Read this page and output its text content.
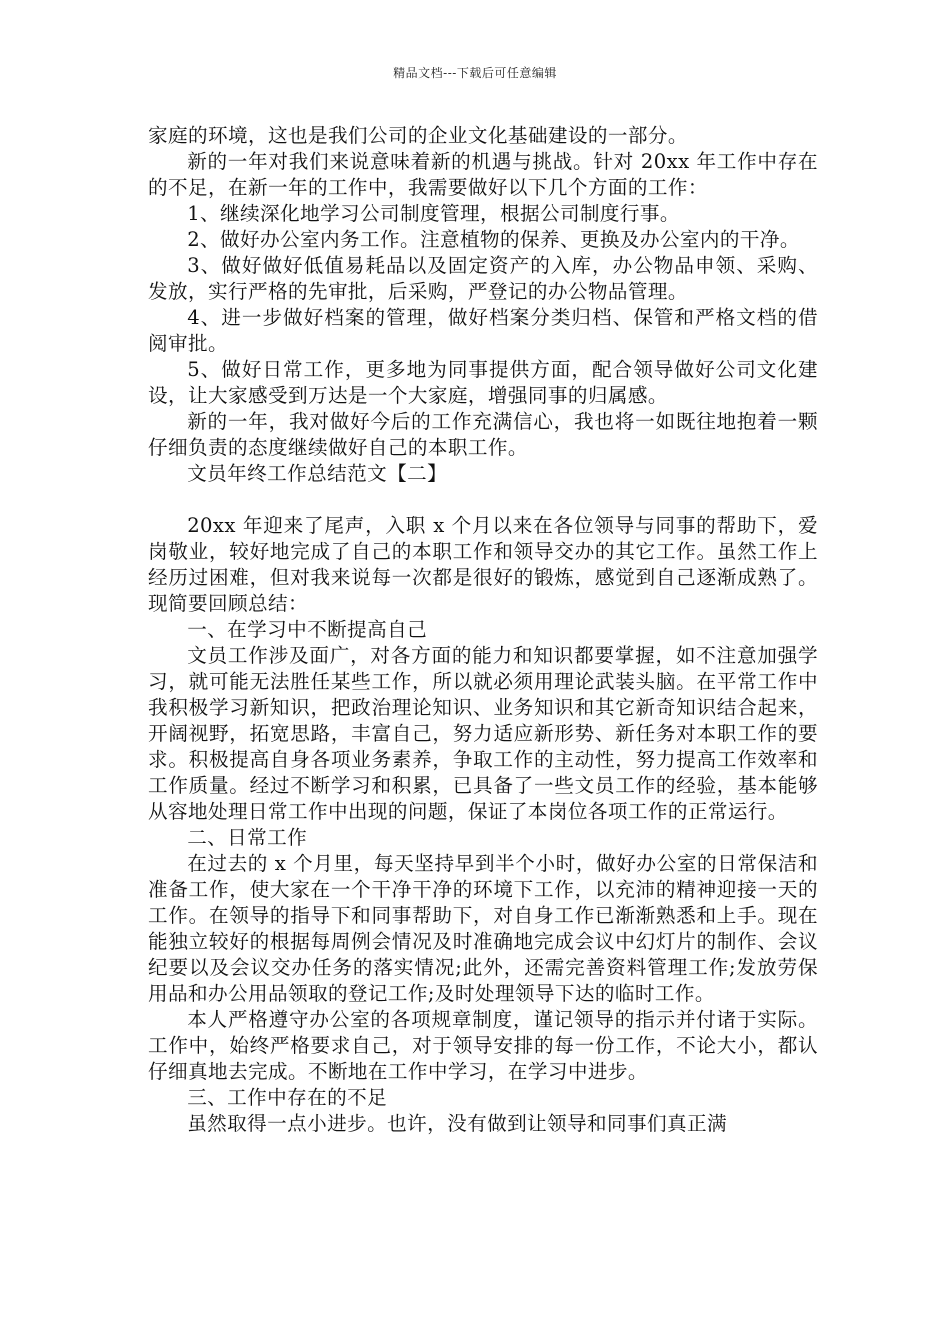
精品文档---下载后可任意编辑

家庭的环境，这也是我们公司的企业文化基础建设的一部分。

新的一年对我们来说意味着新的机遇与挑战。针对 20xx 年工作中存在的不足，在新一年的工作中，我需要做好以下几个方面的工作：

1、继续深化地学习公司制度管理，根据公司制度行事。

2、做好办公室内务工作。注意植物的保养、更换及办公室内的干净。

3、做好做好低值易耗品以及固定资产的入库，办公物品申领、采购、发放，实行严格的先审批，后采购，严登记的办公物品管理。

4、进一步做好档案的管理，做好档案分类归档、保管和严格文档的借阅审批。

5、做好日常工作，更多地为同事提供方面，配合领导做好公司文化建设，让大家感受到万达是一个大家庭，增强同事的归属感。

新的一年，我对做好今后的工作充满信心，我也将一如既往地抱着一颗仔细负责的态度继续做好自己的本职工作。

文员年终工作总结范文【二】

20xx 年迎来了尾声，入职 x 个月以来在各位领导与同事的帮助下，爱岗敬业，较好地完成了自己的本职工作和领导交办的其它工作。虽然工作上经历过困难，但对我来说每一次都是很好的锻炼，感觉到自己逐渐成熟了。现简要回顾总结：

一、在学习中不断提高自己

文员工作涉及面广，对各方面的能力和知识都要掌握，如不注意加强学习，就可能无法胜任某些工作，所以就必须用理论武装头脑。在平常工作中我积极学习新知识，把政治理论知识、业务知识和其它新奇知识结合起来，开阔视野，拓宽思路，丰富自己，努力适应新形势、新任务对本职工作的要求。积极提高自身各项业务素养，争取工作的主动性，努力提高工作效率和工作质量。经过不断学习和积累，已具备了一些文员工作的经验，基本能够从容地处理日常工作中出现的问题，保证了本岗位各项工作的正常运行。

二、日常工作

在过去的 x 个月里，每天坚持早到半个小时，做好办公室的日常保洁和准备工作，使大家在一个干净干净的环境下工作，以充沛的精神迎接一天的工作。在领导的指导下和同事帮助下，对自身工作已渐渐熟悉和上手。现在能独立较好的根据每周例会情况及时准确地完成会议中幻灯片的制作、会议纪要以及会议交办任务的落实情况;此外，还需完善资料管理工作;发放劳保用品和办公用品领取的登记工作;及时处理领导下达的临时工作。

本人严格遵守办公室的各项规章制度，谨记领导的指示并付诸于实际。工作中，始终严格要求自己，对于领导安排的每一份工作，不论大小，都认仔细真地去完成。不断地在工作中学习，在学习中进步。

三、工作中存在的不足

虽然取得一点小进步。也许，没有做到让领导和同事们真正满
